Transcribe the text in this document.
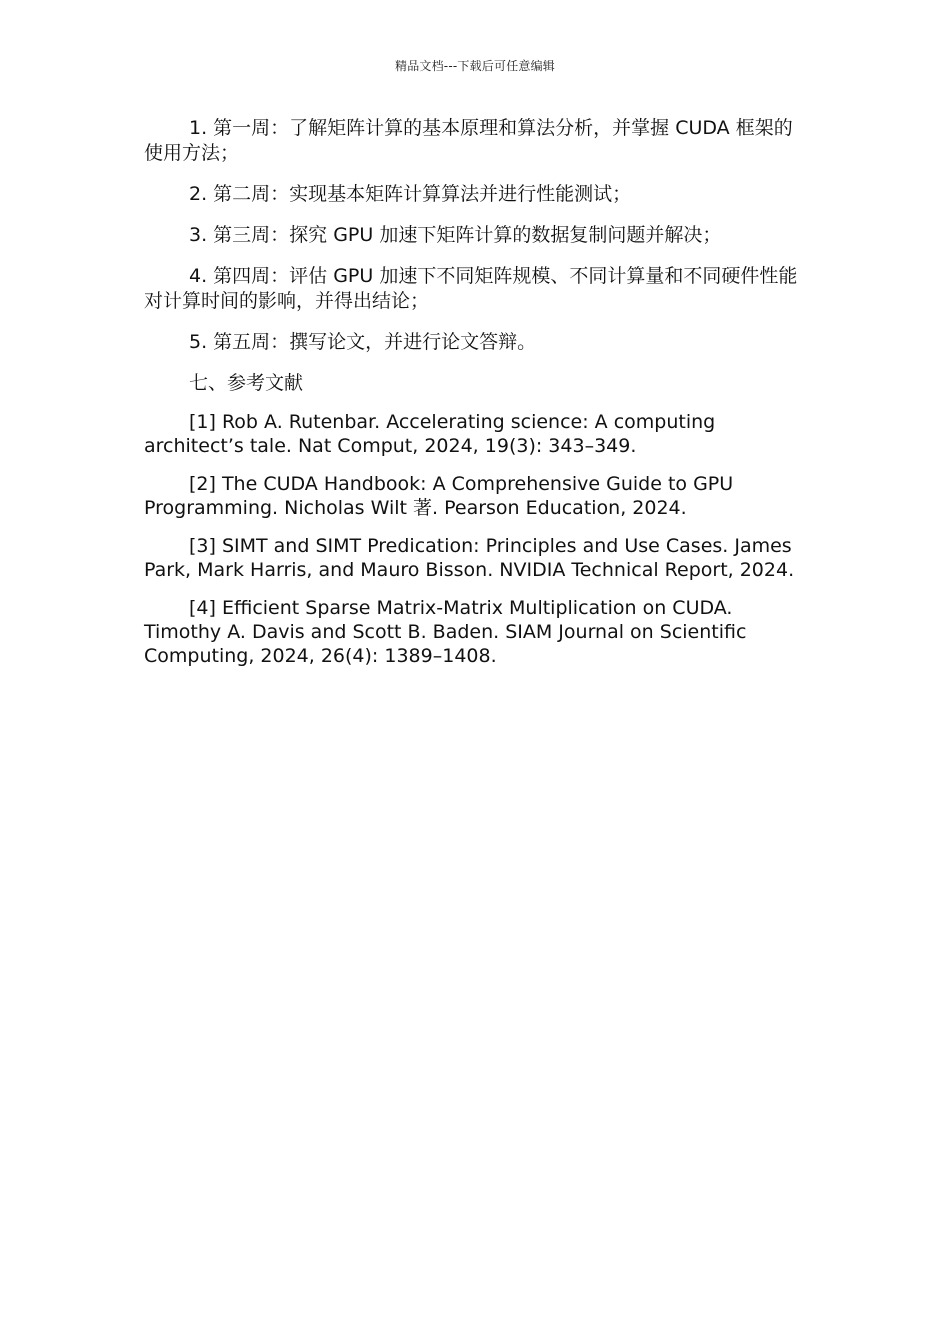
精品文档---下载后可任意编辑

1. 第一周：了解矩阵计算的基本原理和算法分析，并掌握 CUDA 框架的使用方法；

2. 第二周：实现基本矩阵计算算法并进行性能测试；

3. 第三周：探究 GPU 加速下矩阵计算的数据复制问题并解决；

4. 第四周：评估 GPU 加速下不同矩阵规模、不同计算量和不同硬件性能对计算时间的影响，并得出结论；

5. 第五周：撰写论文，并进行论文答辩。

七、参考文献

[1] Rob A. Rutenbar. Accelerating science: A computing architect’s tale. Nat Comput, 2024, 19(3): 343–349.

[2] The CUDA Handbook: A Comprehensive Guide to GPU Programming. Nicholas Wilt 著. Pearson Education, 2024.

[3] SIMT and SIMT Predication: Principles and Use Cases. James Park, Mark Harris, and Mauro Bisson. NVIDIA Technical Report, 2024.

[4] Efficient Sparse Matrix-Matrix Multiplication on CUDA. Timothy A. Davis and Scott B. Baden. SIAM Journal on Scientific Computing, 2024, 26(4): 1389–1408.
